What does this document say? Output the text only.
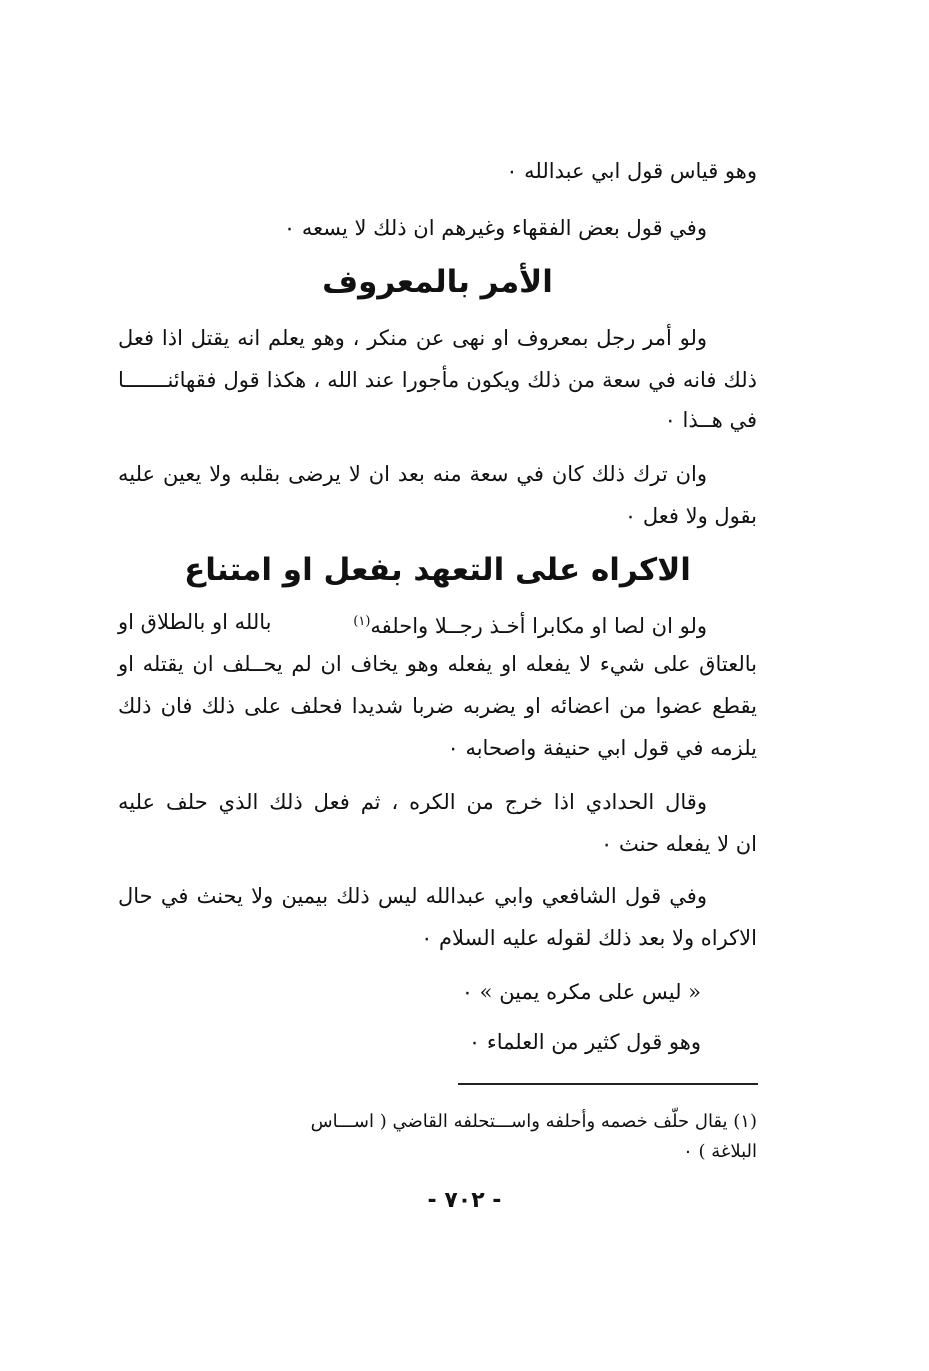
وهو قياس قول ابي عبدالله ٠
وفي قول بعض الفقهاء وغيرهم ان ذلك لا يسعه ٠
الأمر بالمعروف
ولو أمر رجل بمعروف او نهى عن منكر ، وهو يعلم انه يقتل اذا فعل
ذلك فانه في سعة من ذلك ويكون مأجورا عند الله ، هكذا قول فقهائنـــــــا
في هــذا ٠
وان ترك ذلك كان في سعة منه بعد ان لا يرضى بقلبه ولا يعين عليه
بقول ولا فعل ٠
الاكراه على التعهد بفعل او امتناع
ولو ان لصا او مكابرا أخـذ رجــلا واحلفه$^{(١)}$
بالله او بالطلاق او
بالعتاق على شيء لا يفعله او يفعله وهو يخاف ان لم يحــلف ان يقتله او
يقطع عضوا من اعضائه او يضربه ضربا شديدا فحلف على ذلك فان ذلك
يلزمه في قول ابي حنيفة واصحابه ٠
وقال الحدادي اذا خرج من الكره ، ثم فعل ذلك الذي حلف عليه
ان لا يفعله حنث ٠
وفي قول الشافعي وابي عبدالله ليس ذلك بيمين ولا يحنث في حال
الاكراه ولا بعد ذلك لقوله عليه السلام ٠
« ليس على مكره يمين » ٠
وهو قول كثير من العلماء ٠
(١) يقال حلّف خصمه وأحلفه واســـتحلفه القاضي ( اســـاس
البلاغة ) ٠
- ٧٠٢ -
